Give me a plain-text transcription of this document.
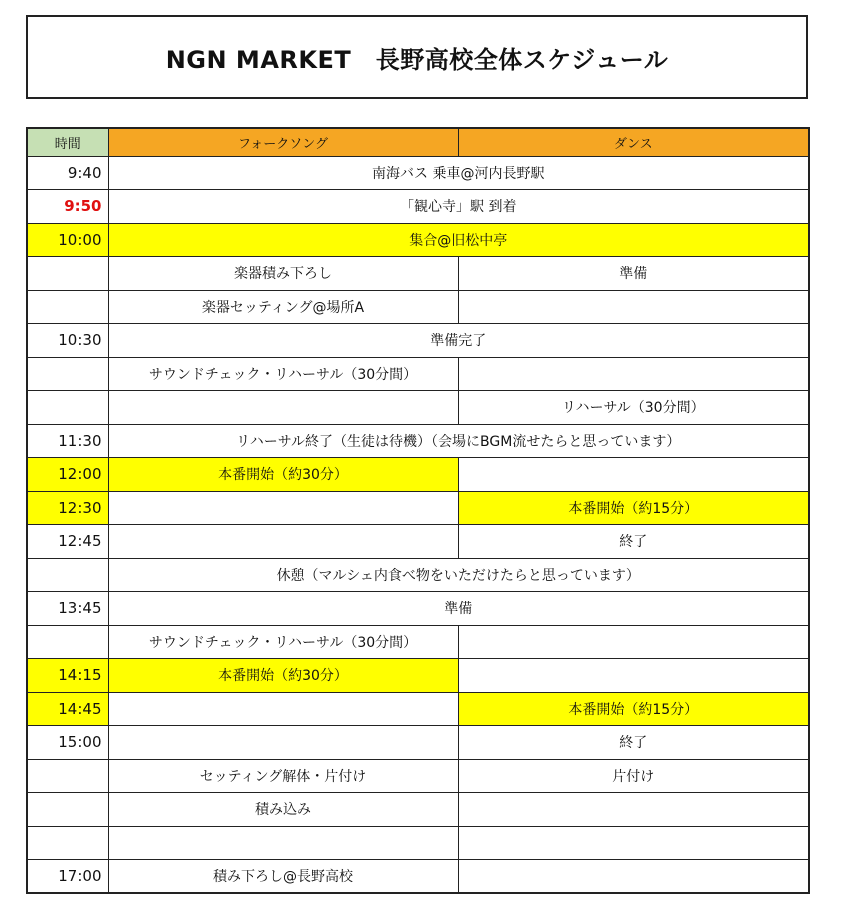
NGN MARKET　長野高校全体スケジュール
時間	フォークソング	ダンス
9:40	南海バス 乗車@河内長野駅	
9:50	「観心寺」駅 到着	
10:00	集合@旧松中亭	
	楽器積み下ろし	準備
	楽器セッティング@場所A	
10:30	準備完了	
	サウンドチェック・リハーサル（30分間）	
		リハーサル（30分間）
11:30	リハーサル終了（生徒は待機）（会場にBGM流せたらと思っています）	
12:00	本番開始（約30分）	
12:30		本番開始（約15分）
12:45		終了
	休憩（マルシェ内食べ物をいただけたらと思っています）	
13:45	準備	
	サウンドチェック・リハーサル（30分間）	
14:15	本番開始（約30分）	
14:45		本番開始（約15分）
15:00		終了
	セッティング解体・片付け	片付け
	積み込み	

17:00	積み下ろし@長野高校	
